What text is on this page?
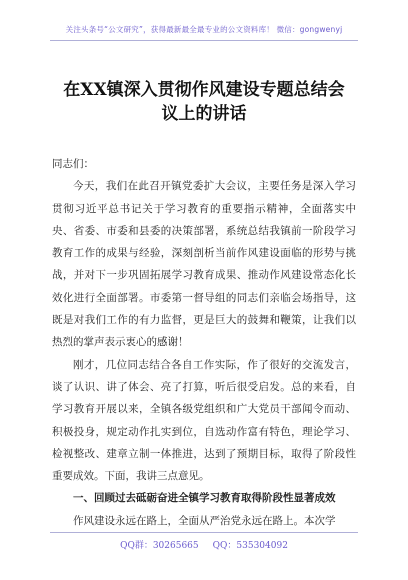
关注头条号“公文研究”，获得最新最全最专业的公文资料库！ 微信：gongwenyj
在XX镇深入贯彻作风建设专题总结会
议上的讲话

同志们：

今天，我们在此召开镇党委扩大会议，主要任务是深入学习贯彻习近平总书记关于学习教育的重要指示精神，全面落实中央、省委、市委和县委的决策部署，系统总结我镇前一阶段学习教育工作的成果与经验，深刻剖析当前作风建设面临的形势与挑战，并对下一步巩固拓展学习教育成果、推动作风建设常态化长效化进行全面部署。市委第一督导组的同志们亲临会场指导，这既是对我们工作的有力监督，更是巨大的鼓舞和鞭策，让我们以热烈的掌声表示衷心的感谢！

刚才，几位同志结合各自工作实际，作了很好的交流发言，谈了认识、讲了体会、亮了打算，听后很受启发。总的来看，自学习教育开展以来，全镇各级党组织和广大党员干部闻令而动、积极投身，规定动作扎实到位，自选动作富有特色，理论学习、检视整改、建章立制一体推进，达到了预期目标，取得了阶段性重要成效。下面，我讲三点意见。

一、回顾过去砥砺奋进全镇学习教育取得阶段性显著成效

作风建设永远在路上，全面从严治党永远在路上。本次学

QQ群：30265665 QQ：535304092
